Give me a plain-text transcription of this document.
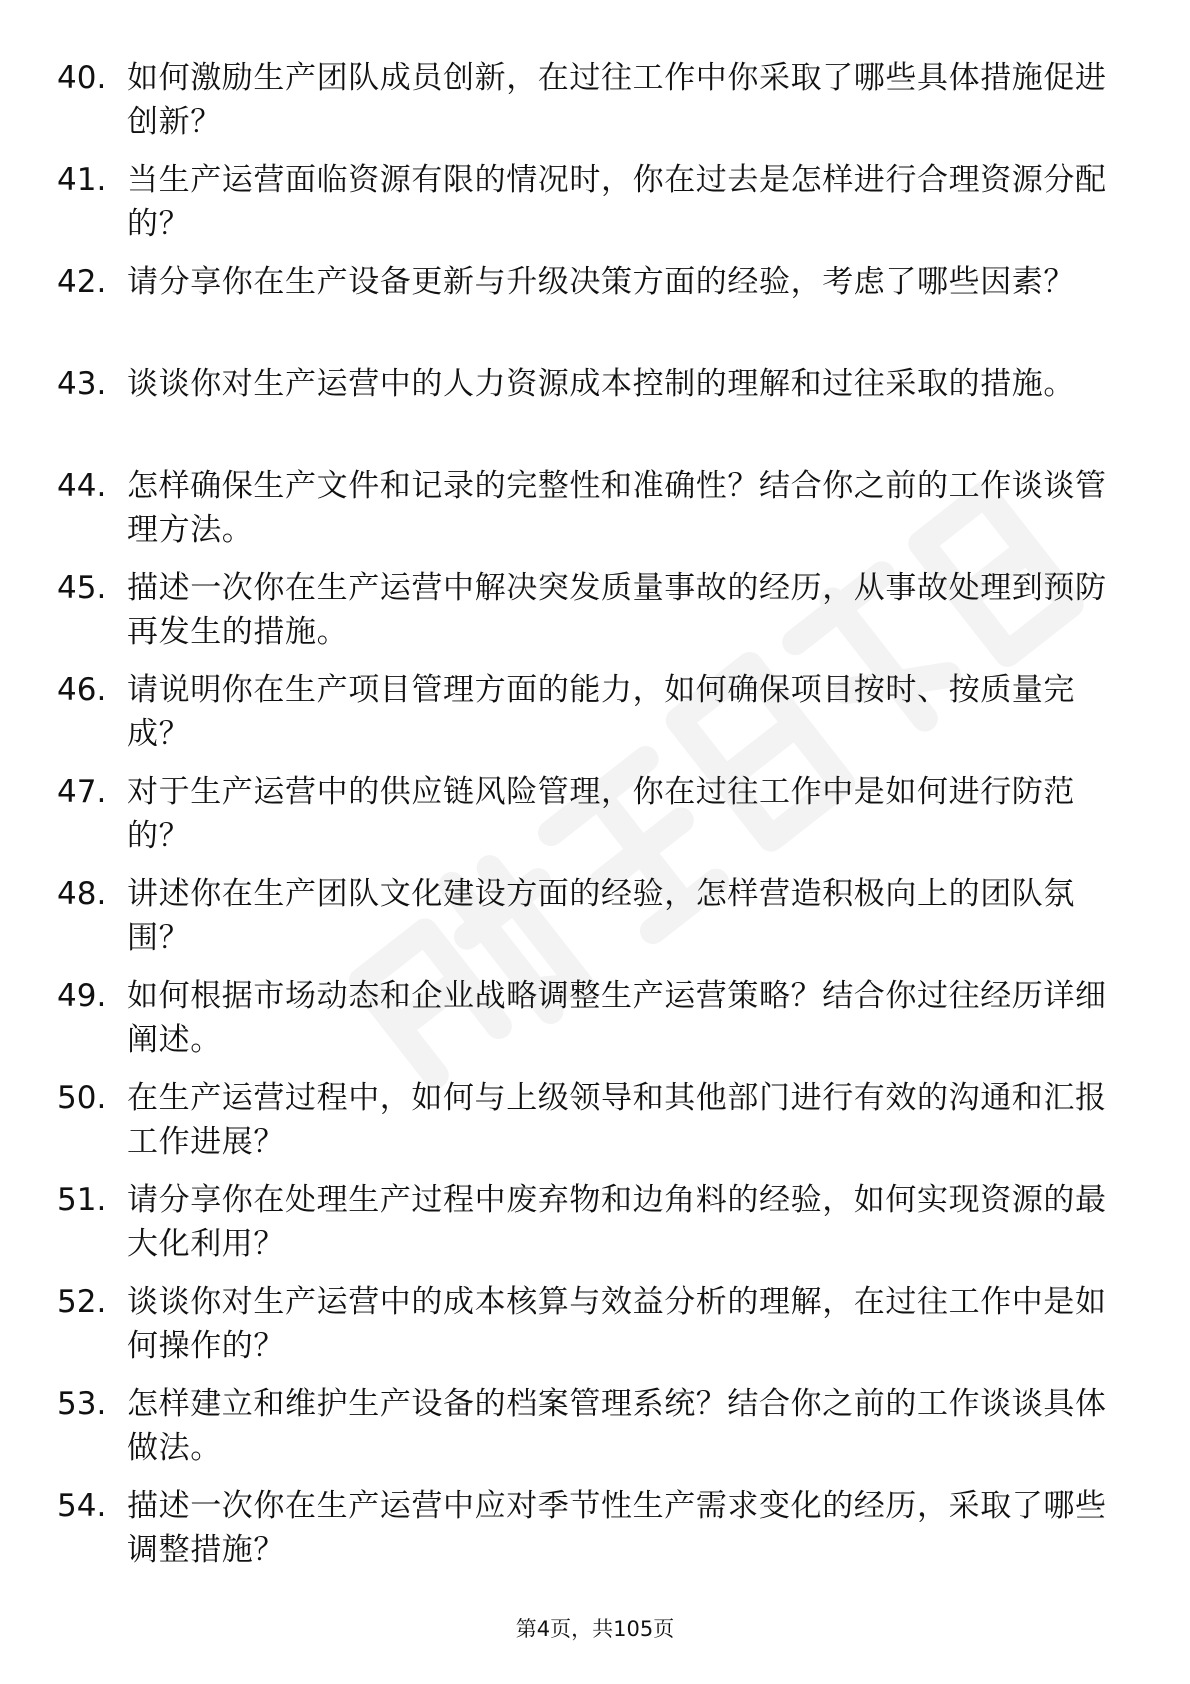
40. 如何激励生产团队成员创新，在过往工作中你采取了哪些具体措施促进创新？
41. 当生产运营面临资源有限的情况时，你在过去是怎样进行合理资源分配的？
42. 请分享你在生产设备更新与升级决策方面的经验，考虑了哪些因素？
43. 谈谈你对生产运营中的人力资源成本控制的理解和过往采取的措施。
44. 怎样确保生产文件和记录的完整性和准确性？结合你之前的工作谈谈管理方法。
45. 描述一次你在生产运营中解决突发质量事故的经历，从事故处理到预防再发生的措施。
46. 请说明你在生产项目管理方面的能力，如何确保项目按时、按质量完成？
47. 对于生产运营中的供应链风险管理，你在过往工作中是如何进行防范的？
48. 讲述你在生产团队文化建设方面的经验，怎样营造积极向上的团队氛围？
49. 如何根据市场动态和企业战略调整生产运营策略？结合你过往经历详细阐述。
50. 在生产运营过程中，如何与上级领导和其他部门进行有效的沟通和汇报工作进展？
51. 请分享你在处理生产过程中废弃物和边角料的经验，如何实现资源的最大化利用？
52. 谈谈你对生产运营中的成本核算与效益分析的理解，在过往工作中是如何操作的？
53. 怎样建立和维护生产设备的档案管理系统？结合你之前的工作谈谈具体做法。
54. 描述一次你在生产运营中应对季节性生产需求变化的经历，采取了哪些调整措施？
第4页，共105页
